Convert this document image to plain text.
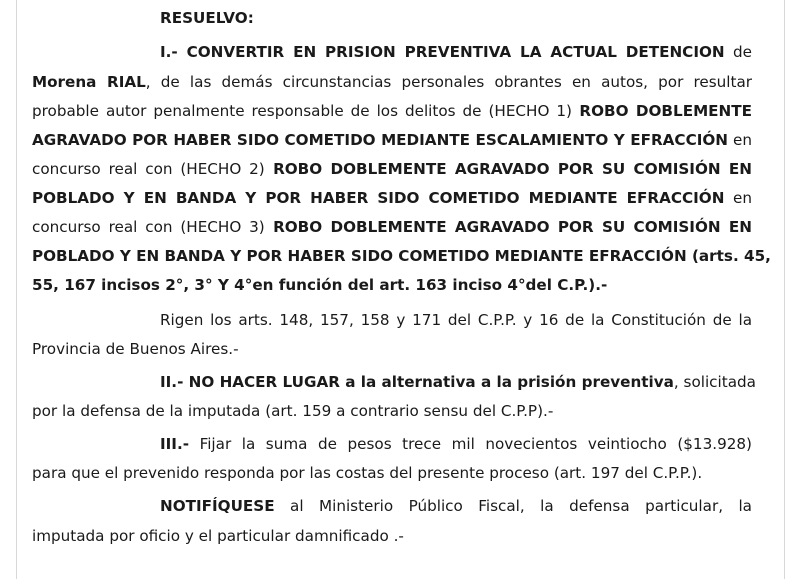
RESUELVO:
I.- CONVERTIR EN PRISION PREVENTIVA LA ACTUAL DETENCION de
Morena RIAL, de las demás circunstancias personales obrantes en autos, por resultar
probable autor penalmente responsable de los delitos de (HECHO 1) ROBO DOBLEMENTE
AGRAVADO POR HABER SIDO COMETIDO MEDIANTE ESCALAMIENTO Y EFRACCIÓN en
concurso real con (HECHO 2) ROBO DOBLEMENTE AGRAVADO POR SU COMISIÓN EN
POBLADO Y EN BANDA Y POR HABER SIDO COMETIDO MEDIANTE EFRACCIÓN en
concurso real con (HECHO 3) ROBO DOBLEMENTE AGRAVADO POR SU COMISIÓN EN
POBLADO Y EN BANDA Y POR HABER SIDO COMETIDO MEDIANTE EFRACCIÓN (arts. 45,
55, 167 incisos 2°, 3° Y 4°en función del art. 163 inciso 4°del C.P.).-
Rigen los arts. 148, 157, 158 y 171 del C.P.P. y 16 de la Constitución de la
Provincia de Buenos Aires.-
II.- NO HACER LUGAR a la alternativa a la prisión preventiva, solicitada
por la defensa de la imputada (art. 159 a contrario sensu del C.P.P).-
III.- Fijar la suma de pesos trece mil novecientos veintiocho ($13.928)
para que el prevenido responda por las costas del presente proceso (art. 197 del C.P.P.).
NOTIFÍQUESE al Ministerio Público Fiscal, la defensa particular, la
imputada por oficio y el particular damnificado .-
